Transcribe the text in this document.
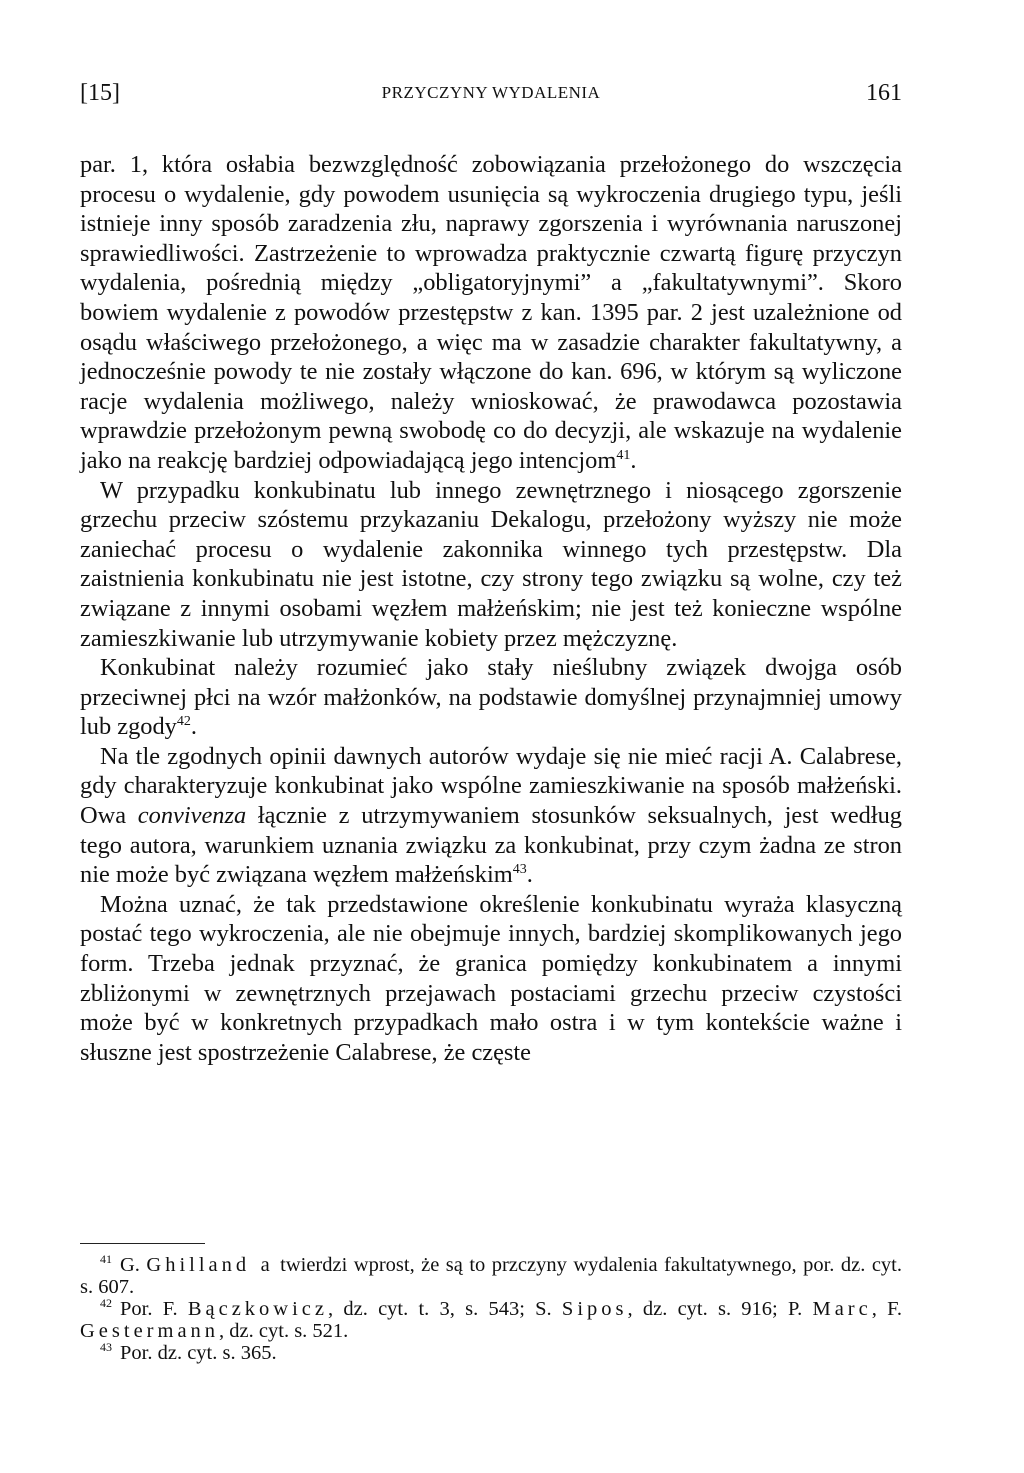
[15]	PRZYCZYNY WYDALENIA	161

par. 1, która osłabia bezwzględność zobowiązania przełożonego do wszczęcia procesu o wydalenie, gdy powodem usunięcia są wykroczenia drugiego typu, jeśli istnieje inny sposób zaradzenia złu, naprawy zgorszenia i wyrównania naruszonej sprawiedliwości. Zastrzeżenie to wprowadza praktycznie czwartą figurę przyczyn wydalenia, pośrednią między „obligatoryjnymi” a „fakultatywnymi”. Skoro bowiem wydalenie z powodów przestępstw z kan. 1395 par. 2 jest uzależnione od osądu właściwego przełożonego, a więc ma w zasadzie charakter fakultatywny, a jednocześnie powody te nie zostały włączone do kan. 696, w którym są wyliczone racje wydalenia możliwego, należy wnioskować, że prawodawca pozostawia wprawdzie przełożonym pewną swobodę co do decyzji, ale wskazuje na wydalenie jako na reakcję bardziej odpowiadającą jego intencjom$^{41}$.

W przypadku konkubinatu lub innego zewnętrznego i niosącego zgorszenie grzechu przeciw szóstemu przykazaniu Dekalogu, przełożony wyższy nie może zaniechać procesu o wydalenie zakonnika winnego tych przestępstw. Dla zaistnienia konkubinatu nie jest istotne, czy strony tego związku są wolne, czy też związane z innymi osobami węzłem małżeńskim; nie jest też konieczne wspólne zamieszkiwanie lub utrzymywanie kobiety przez mężczyznę.

Konkubinat należy rozumieć jako stały nieślubny związek dwojga osób przeciwnej płci na wzór małżonków, na podstawie domyślnej przynajmniej umowy lub zgody$^{42}$.

Na tle zgodnych opinii dawnych autorów wydaje się nie mieć racji A. Calabrese, gdy charakteryzuje konkubinat jako wspólne zamieszkiwanie na sposób małżeński. Owa convivenza łącznie z utrzymywaniem stosunków seksualnych, jest według tego autora, warunkiem uznania związku za konkubinat, przy czym żadna ze stron nie może być związana węzłem małżeńskim$^{43}$.

Można uznać, że tak przedstawione określenie konkubinatu wyraża klasyczną postać tego wykroczenia, ale nie obejmuje innych, bardziej skomplikowanych jego form. Trzeba jednak przyznać, że granica pomiędzy konkubinatem a innymi zbliżonymi w zewnętrznych przejawach postaciami grzechu przeciw czystości może być w konkretnych przypadkach mało ostra i w tym kontekście ważne i słuszne jest spostrzeżenie Calabrese, że częste

$^{41}$ G. Ghilland a twierdzi wprost, że są to przczyny wydalenia fakultatywnego, por. dz. cyt. s. 607.

$^{42}$ Por. F. Bączkowicz, dz. cyt. t. 3, s. 543; S. Sipos, dz. cyt. s. 916; P. Marc, F. Gestermann, dz. cyt. s. 521.

$^{43}$ Por. dz. cyt. s. 365.
